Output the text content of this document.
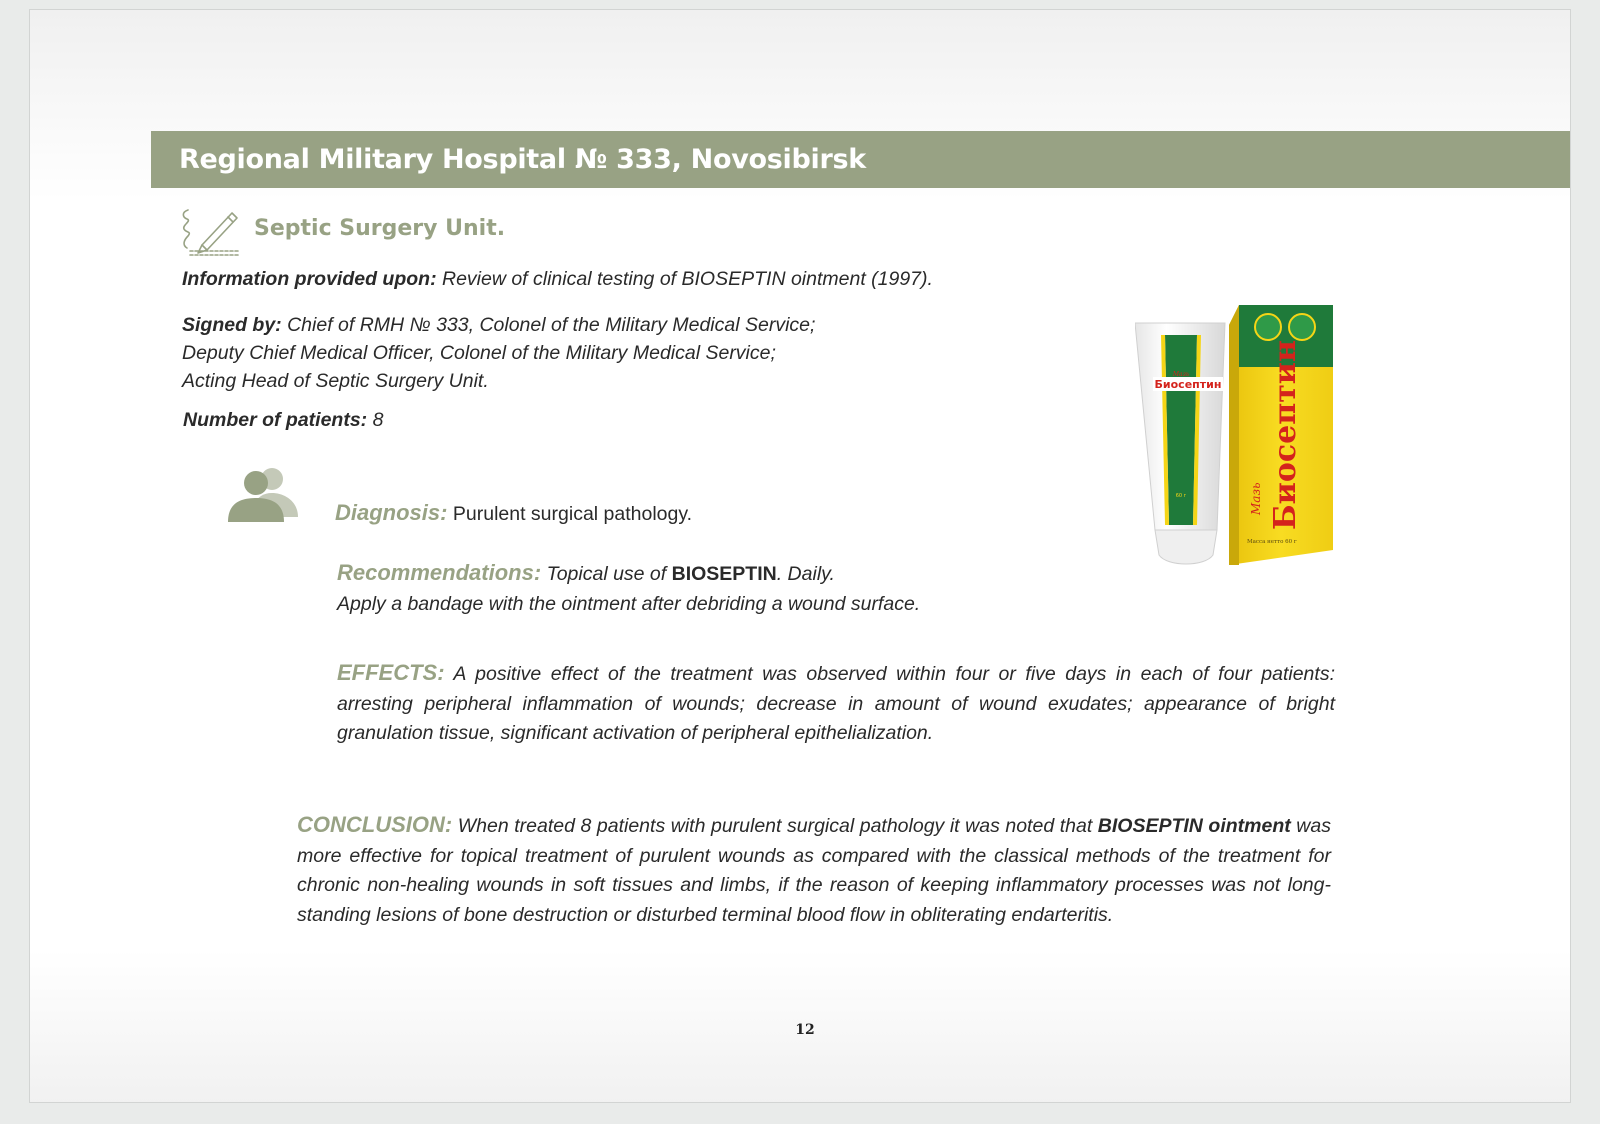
Regional Military Hospital № 333, Novosibirsk
Septic Surgery Unit.
Information provided upon: Review of clinical testing of BIOSEPTIN ointment (1997).
Signed by: Chief of RMH № 333, Colonel of the Military Medical Service;
Deputy Chief Medical Officer, Colonel of the Military Medical Service;
Acting Head of Septic Surgery Unit.
Number of patients: 8
Diagnosis: Purulent surgical pathology.
Recommendations: Topical use of BIOSEPTIN. Daily.
Apply a bandage with the ointment after debriding a wound surface.
EFFECTS: A positive effect of the treatment was observed within four or five days in each of four patients: arresting peripheral inflammation of wounds; decrease in amount of wound exudates; appearance of bright granulation tissue, significant activation of peripheral epithelialization.
CONCLUSION: When treated 8 patients with purulent surgical pathology it was noted that BIOSEPTIN ointment was more effective for topical treatment of purulent wounds as compared with the classical methods of the treatment for chronic non-healing wounds in soft tissues and limbs, if the reason of keeping inflammatory processes was not long-standing lesions of bone destruction or disturbed terminal blood flow in obliterating endarteritis.
Биосептин
Мазь
Масса нетто 60 г
Биосептин
Мазь
60 г
12
